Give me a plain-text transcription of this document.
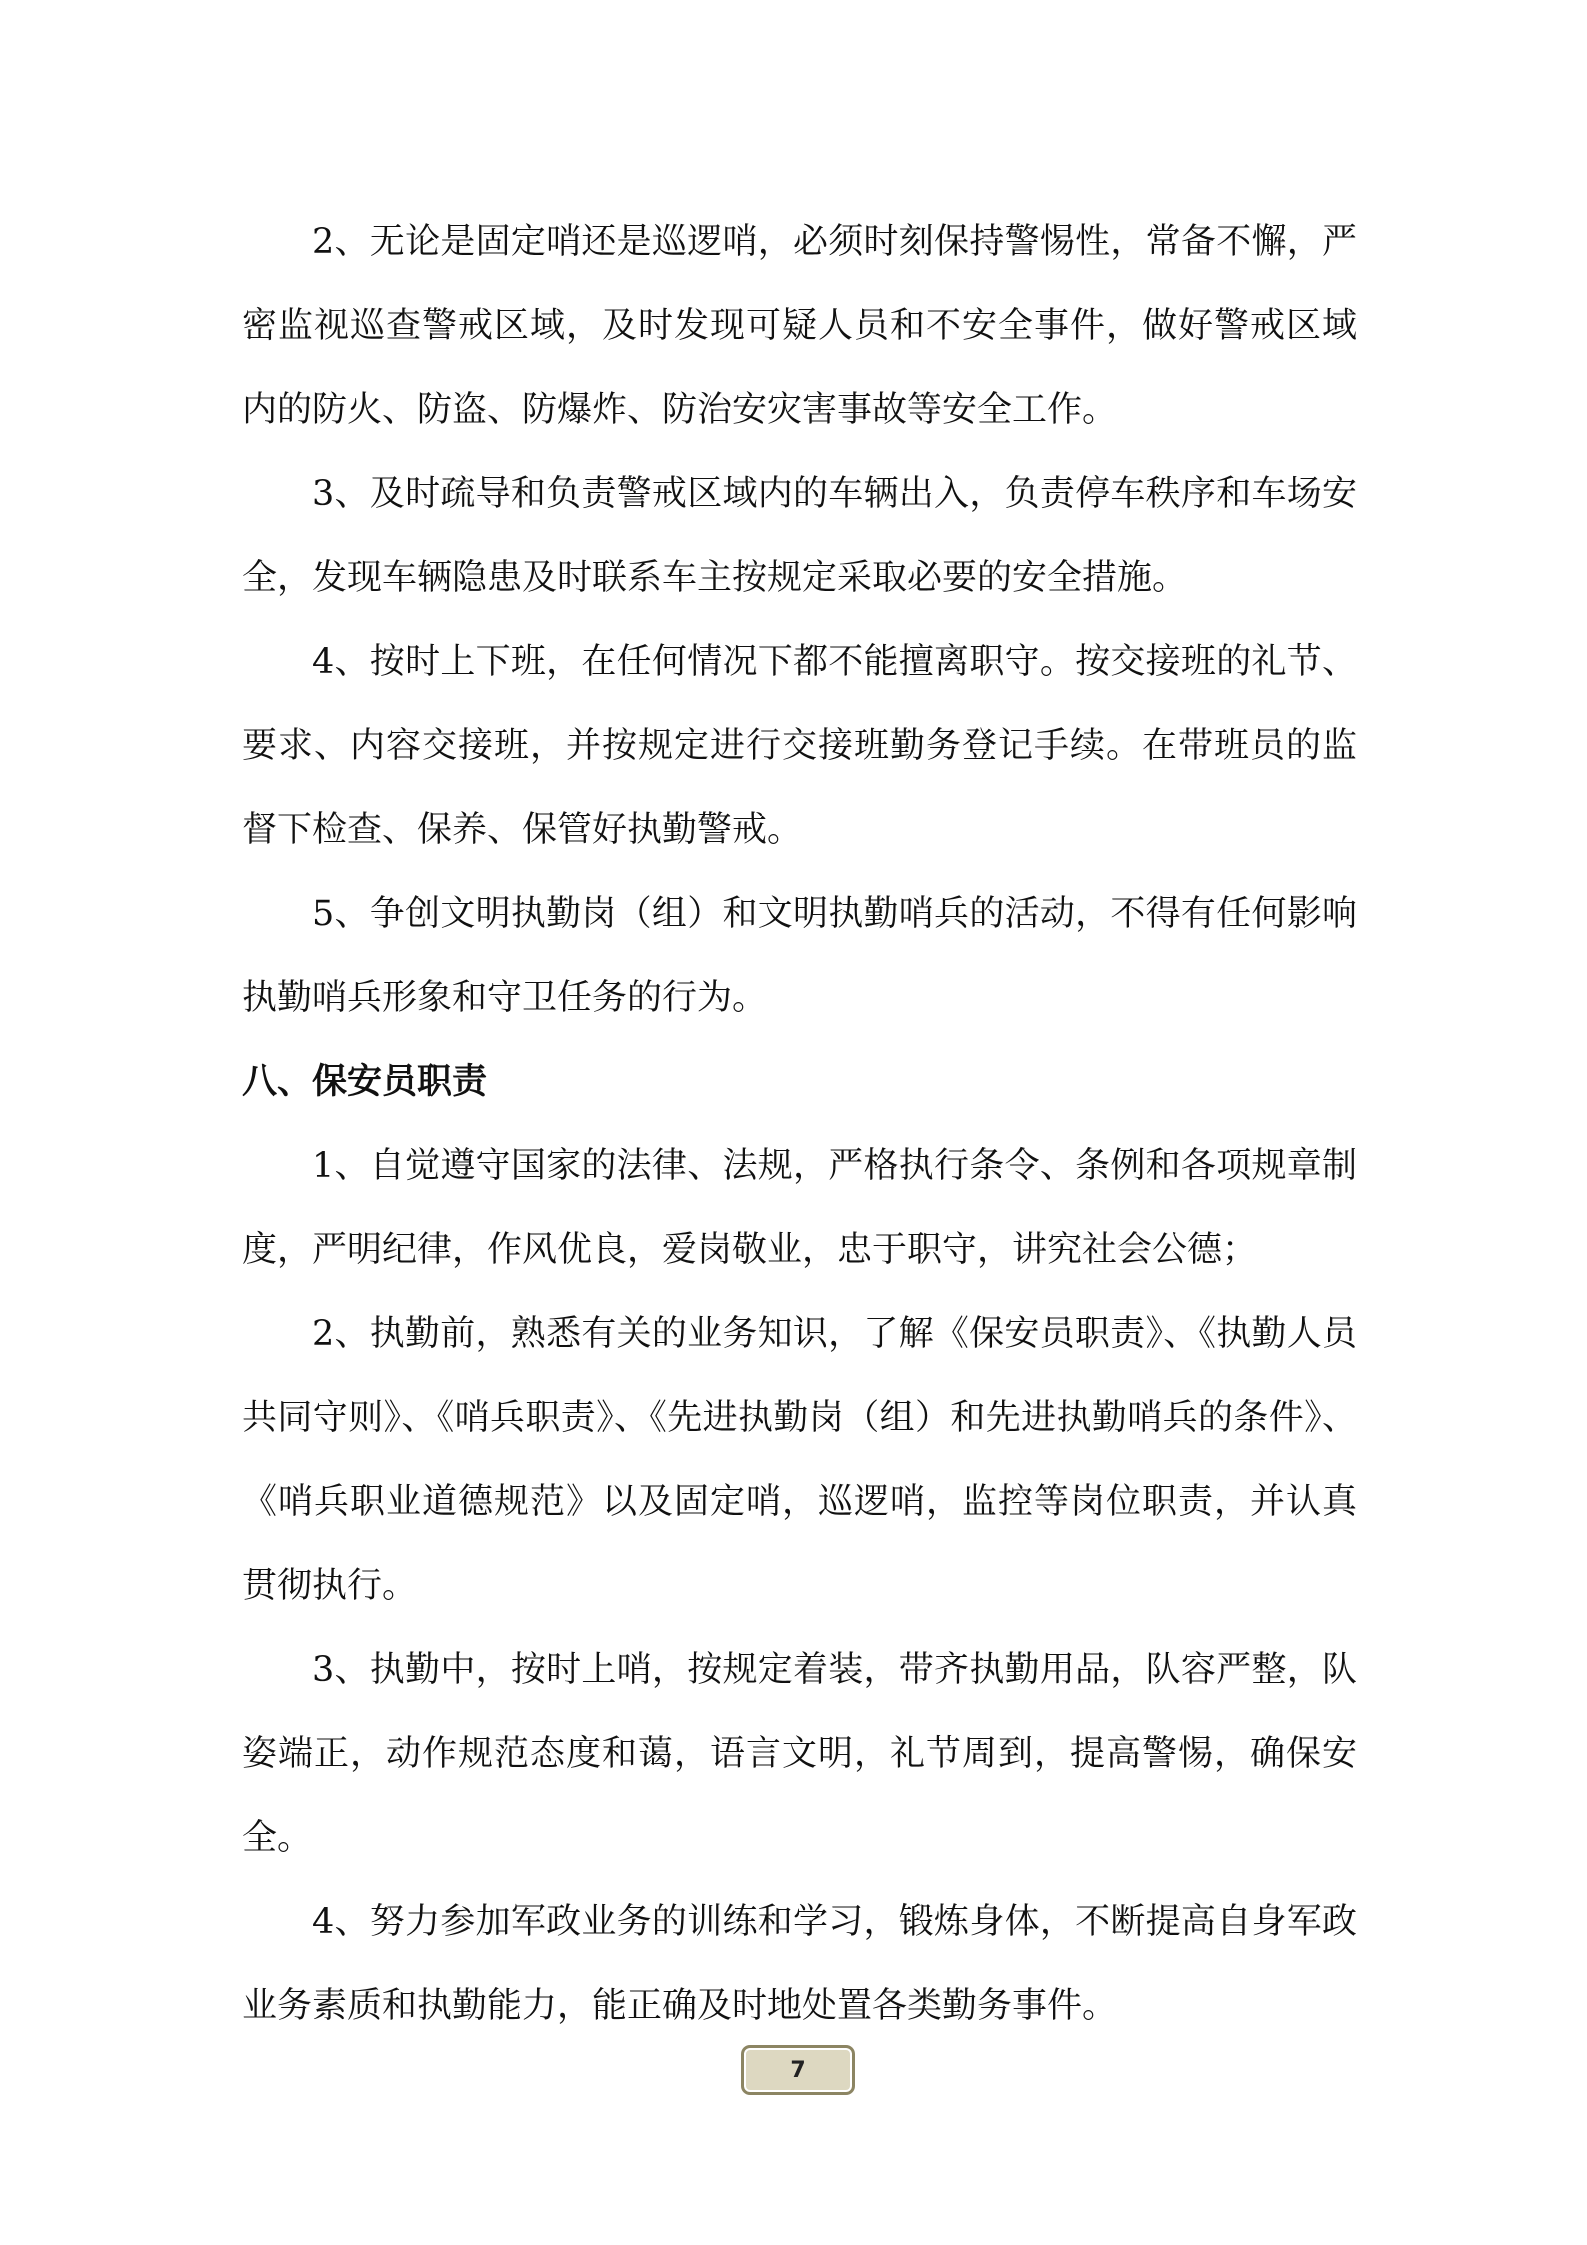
2、无论是固定哨还是巡逻哨，必须时刻保持警惕性，常备不懈，严密监视巡查警戒区域，及时发现可疑人员和不安全事件，做好警戒区域内的防火、防盗、防爆炸、防治安灾害事故等安全工作。

3、及时疏导和负责警戒区域内的车辆出入，负责停车秩序和车场安全，发现车辆隐患及时联系车主按规定采取必要的安全措施。

4、按时上下班，在任何情况下都不能擅离职守。按交接班的礼节、要求、内容交接班，并按规定进行交接班勤务登记手续。在带班员的监督下检查、保养、保管好执勤警戒。

5、争创文明执勤岗（组）和文明执勤哨兵的活动，不得有任何影响执勤哨兵形象和守卫任务的行为。

八、保安员职责

1、自觉遵守国家的法律、法规，严格执行条令、条例和各项规章制度，严明纪律，作风优良，爱岗敬业，忠于职守，讲究社会公德；

2、执勤前，熟悉有关的业务知识，了解《保安员职责》、《执勤人员共同守则》、《哨兵职责》、《先进执勤岗（组）和先进执勤哨兵的条件》、《哨兵职业道德规范》以及固定哨，巡逻哨，监控等岗位职责，并认真贯彻执行。

3、执勤中，按时上哨，按规定着装，带齐执勤用品，队容严整，队姿端正，动作规范态度和蔼，语言文明，礼节周到，提高警惕，确保安全。

4、努力参加军政业务的训练和学习，锻炼身体，不断提高自身军政业务素质和执勤能力，能正确及时地处置各类勤务事件。

7
